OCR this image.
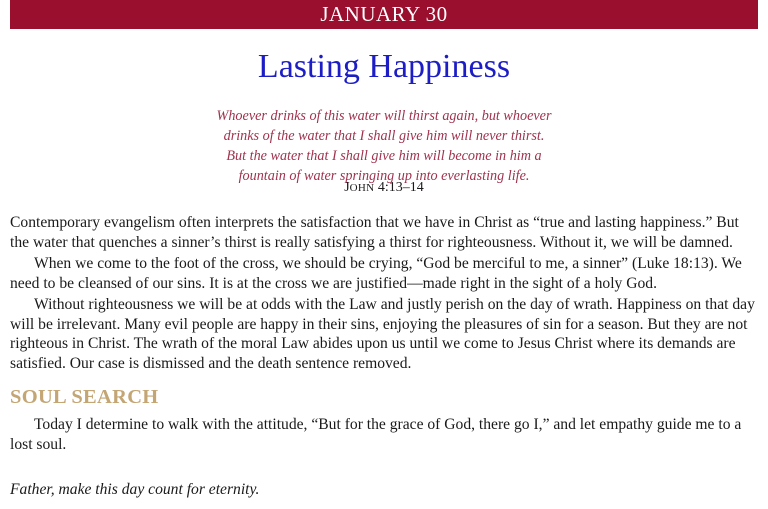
JANUARY 30
Lasting Happiness
Whoever drinks of this water will thirst again, but whoever drinks of the water that I shall give him will never thirst. But the water that I shall give him will become in him a fountain of water springing up into everlasting life.
JOHN 4:13–14

Contemporary evangelism often interprets the satisfaction that we have in Christ as “true and lasting happiness.” But the water that quenches a sinner’s thirst is really satisfying a thirst for righteousness. Without it, we will be damned.

When we come to the foot of the cross, we should be crying, “God be merciful to me, a sinner” (Luke 18:13). We need to be cleansed of our sins. It is at the cross we are justified—made right in the sight of a holy God.

Without righteousness we will be at odds with the Law and justly perish on the day of wrath. Happiness on that day will be irrelevant. Many evil people are happy in their sins, enjoying the pleasures of sin for a season. But they are not righteous in Christ. The wrath of the moral Law abides upon us until we come to Jesus Christ where its demands are satisfied. Our case is dismissed and the death sentence removed.

SOUL SEARCH

Today I determine to walk with the attitude, “But for the grace of God, there go I,” and let empathy guide me to a lost soul.

Father, make this day count for eternity.
